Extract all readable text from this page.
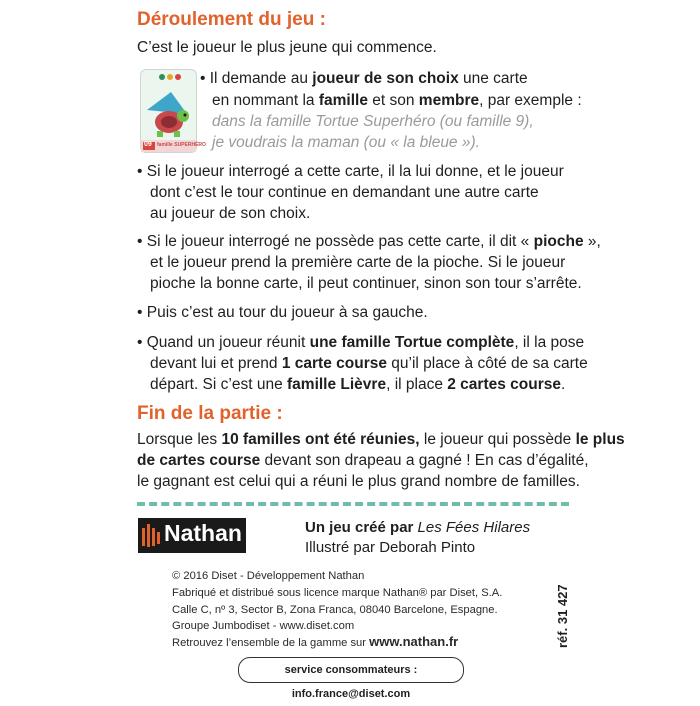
Déroulement du jeu :
C’est le joueur le plus jeune qui commence.
09 famille SUPERHÉRO
• Il demande au joueur de son choix une carte
en nommant la famille et son membre, par exemple :
dans la famille Tortue Superhéro (ou famille 9),
je voudrais la maman (ou « la bleue »).
• Si le joueur interrogé a cette carte, il la lui donne, et le joueur
dont c’est le tour continue en demandant une autre carte
au joueur de son choix.
• Si le joueur interrogé ne possède pas cette carte, il dit « pioche »,
et le joueur prend la première carte de la pioche. Si le joueur
pioche la bonne carte, il peut continuer, sinon son tour s’arrête.
• Puis c’est au tour du joueur à sa gauche.
• Quand un joueur réunit une famille Tortue complète, il la pose
devant lui et prend 1 carte course qu’il place à côté de sa carte
départ. Si c’est une famille Lièvre, il place 2 cartes course.
Fin de la partie :
Lorsque les 10 familles ont été réunies, le joueur qui possède le plus
de cartes course devant son drapeau a gagné ! En cas d’égalité,
le gagnant est celui qui a réuni le plus grand nombre de familles.
Nathan	Un jeu créé par Les Fées Hilares
Illustré par Deborah Pinto
© 2016 Diset - Développement Nathan
Fabriqué et distribué sous licence marque Nathan® par Diset, S.A.
Calle C, nº 3, Sector B, Zona Franca, 08040 Barcelone, Espagne.
Groupe Jumbodiset - www.diset.com
Retrouvez l’ensemble de la gamme sur www.nathan.fr
service consommateurs : info.france@diset.com
réf. 31 427
